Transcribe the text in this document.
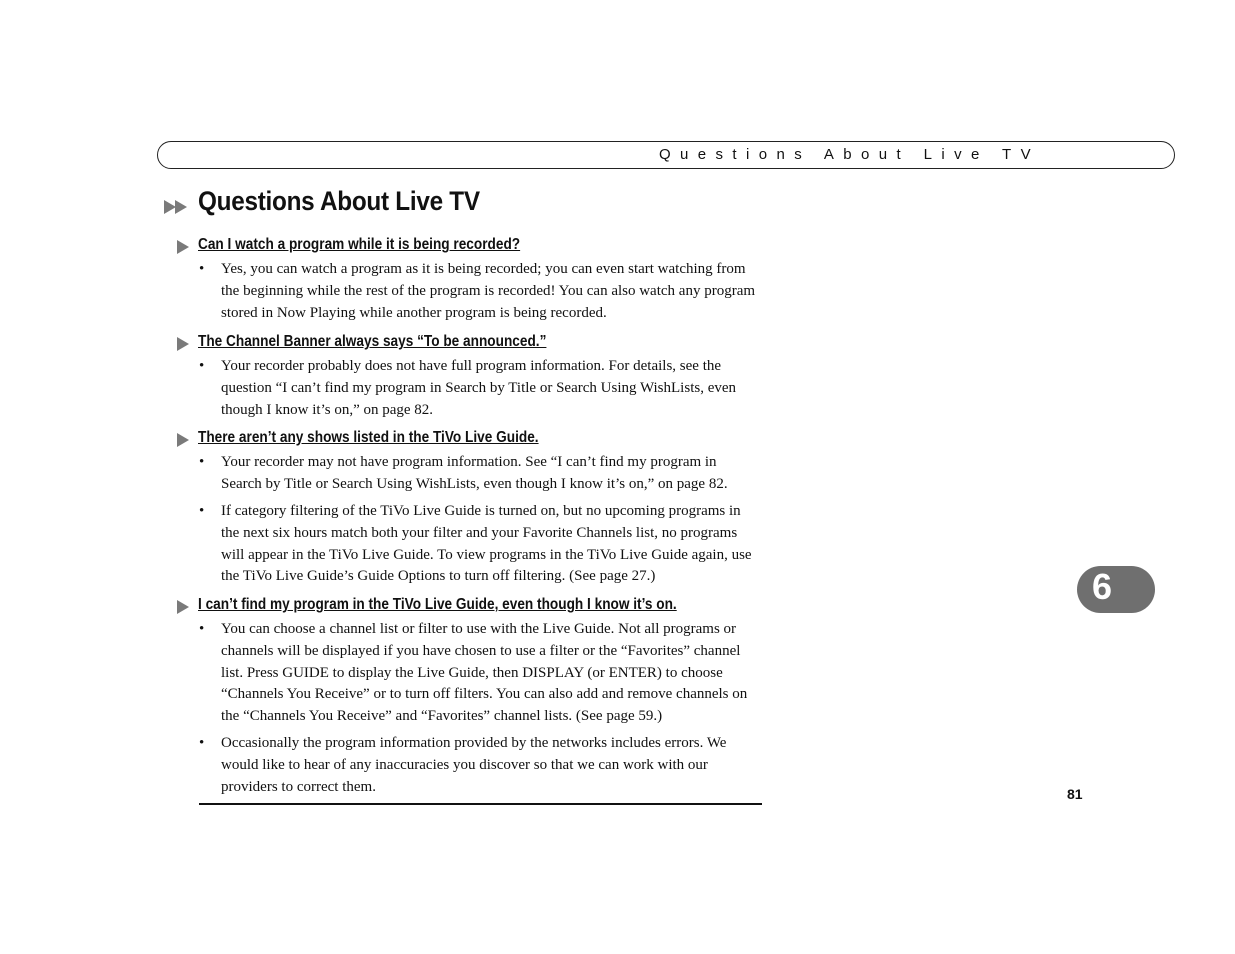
Questions About Live TV
Questions About Live TV
Can I watch a program while it is being recorded?
• Yes, you can watch a program as it is being recorded; you can even start watching from the beginning while the rest of the program is recorded! You can also watch any program stored in Now Playing while another program is being recorded.
The Channel Banner always says “To be announced.”
• Your recorder probably does not have full program information. For details, see the question “I can’t find my program in Search by Title or Search Using WishLists, even though I know it’s on,” on page 82.
There aren’t any shows listed in the TiVo Live Guide.
• Your recorder may not have program information. See “I can’t find my program in Search by Title or Search Using WishLists, even though I know it’s on,” on page 82.
• If category filtering of the TiVo Live Guide is turned on, but no upcoming programs in the next six hours match both your filter and your Favorite Channels list, no programs will appear in the TiVo Live Guide. To view programs in the TiVo Live Guide again, use the TiVo Live Guide’s Guide Options to turn off filtering. (See page 27.)
I can’t find my program in the TiVo Live Guide, even though I know it’s on.
• You can choose a channel list or filter to use with the Live Guide. Not all programs or channels will be displayed if you have chosen to use a filter or the “Favorites” channel list. Press GUIDE to display the Live Guide, then DISPLAY (or ENTER) to choose “Channels You Receive” or to turn off filters. You can also add and remove channels on the “Channels You Receive” and “Favorites” channel lists. (See page 59.)
• Occasionally the program information provided by the networks includes errors. We would like to hear of any inaccuracies you discover so that we can work with our providers to correct them.
6
81
